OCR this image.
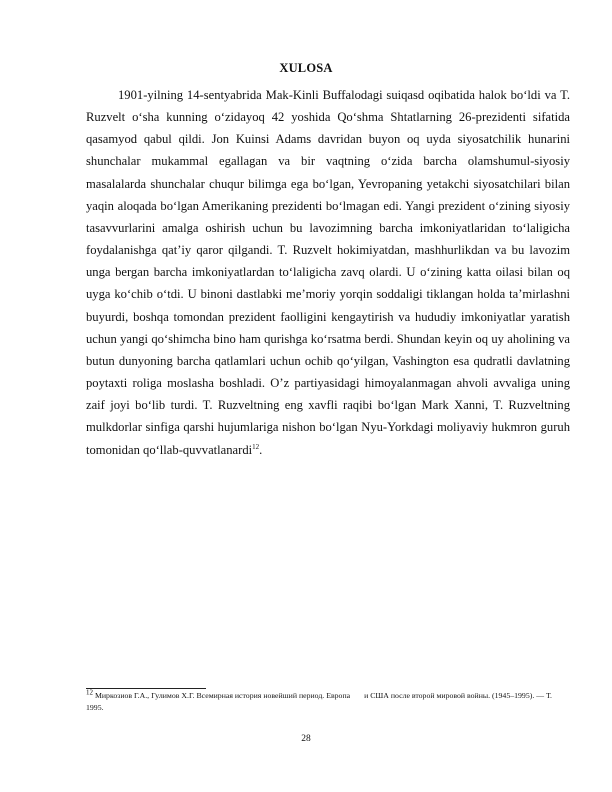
XULOSA

1901-yilning 14-sentyabrida Mak-Kinli Buffalodagi suiqasd oqibatida halok bo‘ldi va T. Ruzvelt o‘sha kunning o‘zidayoq 42 yoshida Qo‘shma Shtatlarning 26-prezidenti sifatida qasamyod qabul qildi. Jon Kuinsi Adams davridan buyon oq uyda siyosatchilik hunarini shunchalar mukammal egallagan va bir vaqtning o‘zida barcha olamshumul-siyosiy masalalarda shunchalar chuqur bilimga ega bo‘lgan, Yevropaning yetakchi siyosatchilari bilan yaqin aloqada bo‘lgan Amerikaning prezidenti bo‘lmagan edi. Yangi prezident o‘zining siyosiy tasavvurlarini amalga oshirish uchun bu lavozimning barcha imkoniyatlaridan to‘laligicha foydalanishga qat’iy qaror qilgandi. T. Ruzvelt hokimiyatdan, mashhurlikdan va bu lavozim unga bergan barcha imkoniyatlardan to‘laligicha zavq olardi. U o‘zining katta oilasi bilan oq uyga ko‘chib o‘tdi. U binoni dastlabki me’moriy yorqin soddaligi tiklangan holda ta’mirlashni buyurdi, boshqa tomondan prezident faolligini kengaytirish va hududiy imkoniyatlar yaratish uchun yangi qo‘shimcha bino ham qurishga ko‘rsatma berdi. Shundan keyin oq uy aholining va butun dunyoning barcha qatlamlari uchun ochib qo‘yilgan, Vashington esa qudratli davlatning poytaxti roliga moslasha boshladi. O’z partiyasidagi himoyalanmagan ahvoli avvaliga uning zaif joyi bo‘lib turdi. T. Ruzveltning eng xavfli raqibi bo‘lgan Mark Xanni, T. Ruzveltning mulkdorlar sinfiga qarshi hujumlariga nishon bo‘lgan Nyu-Yorkdagi moliyaviy hukmron guruh tomonidan qo‘llab-quvvatlanardi$^{12}$.

$^{12}$ Миркозиов Г.А., Гулимов Х.Г. Всемирная история новейший период. Европа и США после второй мировой войны. (1945–1995). — Т. 1995.

28
